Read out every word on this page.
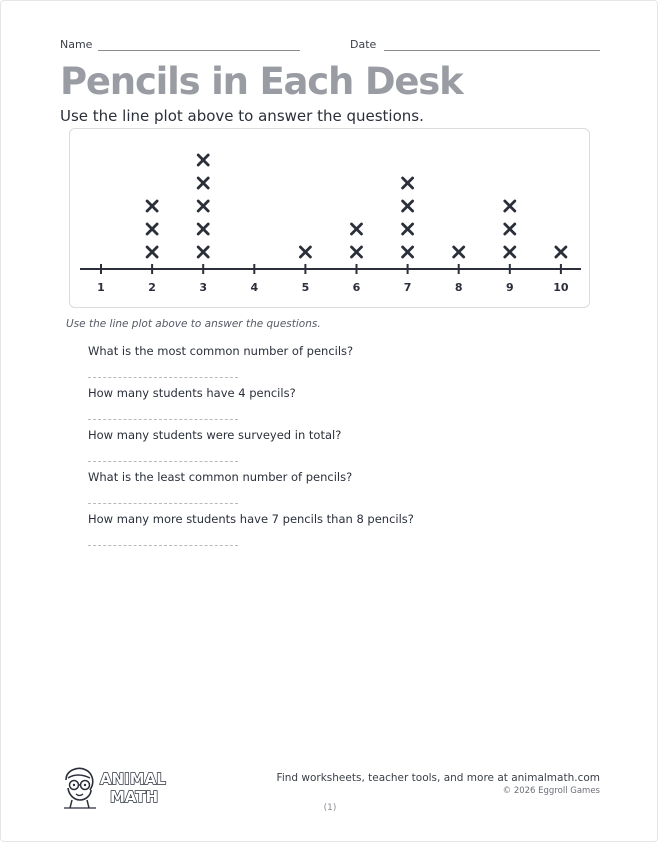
Name	Date
Pencils in Each Desk
Use the line plot above to answer the questions.
1	2	3	4	5	6	7	8	9	10
Use the line plot above to answer the questions.
What is the most common number of pencils?
How many students have 4 pencils?
How many students were surveyed in total?
What is the least common number of pencils?
How many more students have 7 pencils than 8 pencils?
ANIMAL
MATH
Find worksheets, teacher tools, and more at animalmath.com
© 2026 Eggroll Games
(1)
